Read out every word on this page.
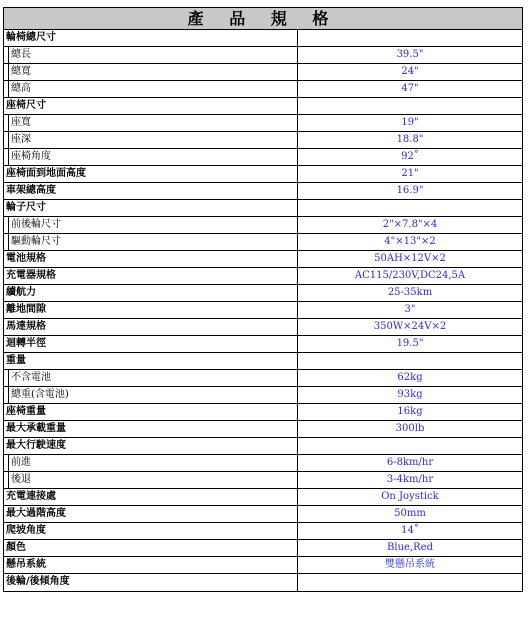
產 品 規 格
輪椅總尺寸
總長	39.5"
總寬	24"
總高	47"
座椅尺寸
座寬	19"
座深	18.8"
座椅角度	92˚
座椅面到地面高度	21"
車架總高度	16.9"
輪子尺寸
前後輪尺寸	2"×7.8"×4
驅動輪尺寸	4"×13"×2
電池規格	50AH×12V×2
充電器規格	AC115/230V,DC24,5A
續航力	25-35km
離地間隙	3"
馬達規格	350W×24V×2
迴轉半徑	19.5"
重量
不含電池	62kg
總重(含電池)	93kg
座椅重量	16kg
最大承載重量	300lb
最大行駛速度
前進	6-8km/hr
後退	3-4km/hr
充電連接處	On Joystick
最大過階高度	50mm
爬坡角度	14˚
顏色	Blue,Red
懸吊系統	雙懸吊系統
後輪/後傾角度
